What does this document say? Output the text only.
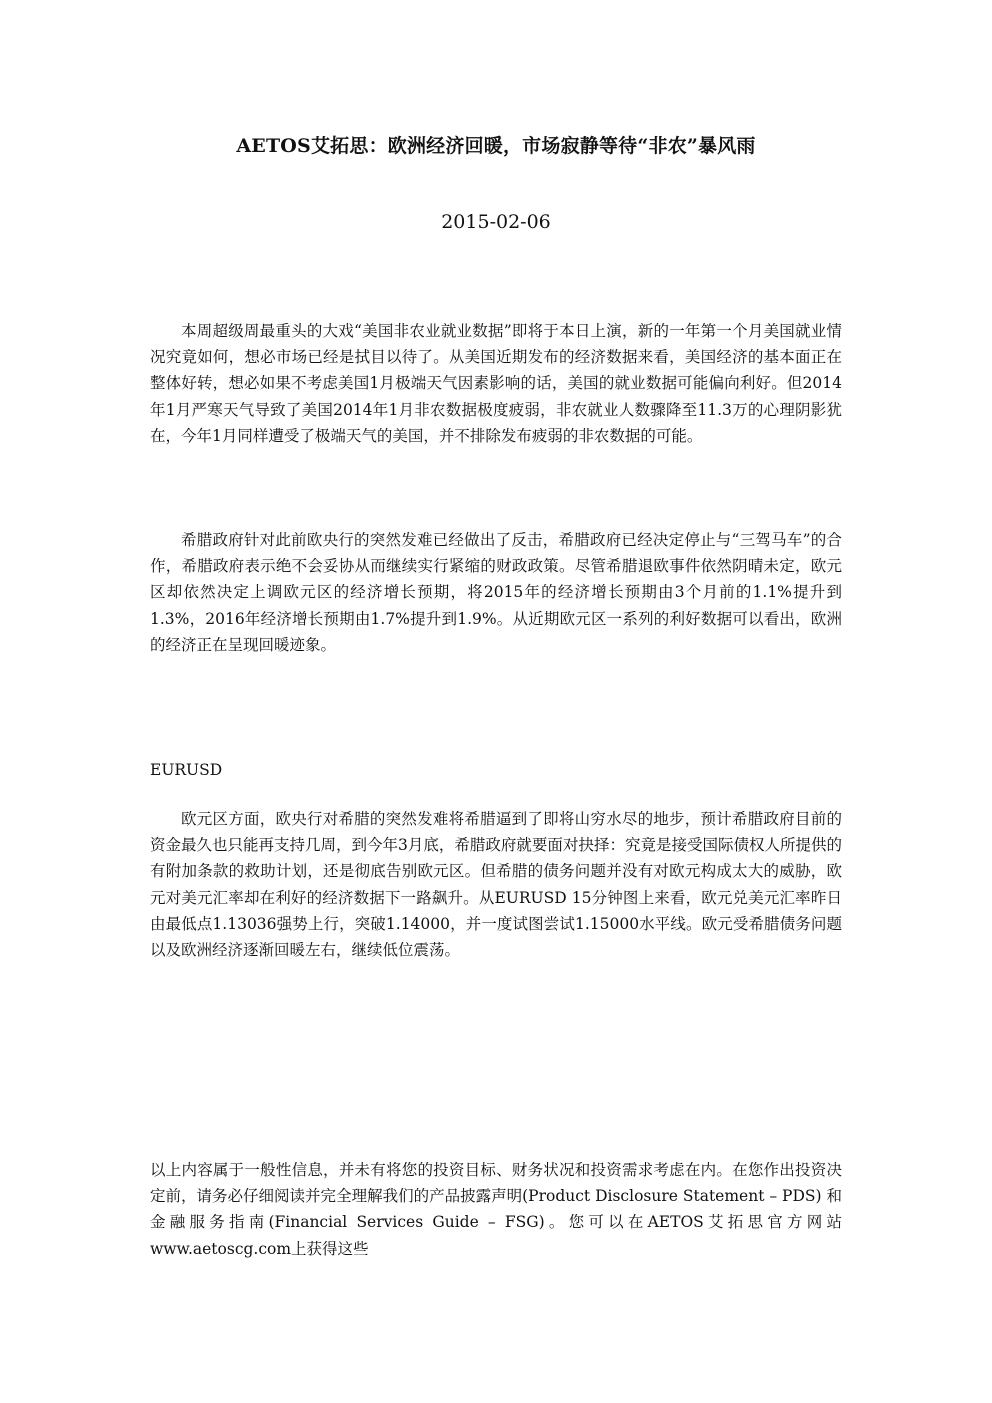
AETOS艾拓思：欧洲经济回暖，市场寂静等待“非农”暴风雨
2015-02-06

本周超级周最重头的大戏“美国非农业就业数据”即将于本日上演，新的一年第一个月美国就业情况究竟如何，想必市场已经是拭目以待了。从美国近期发布的经济数据来看，美国经济的基本面正在整体好转，想必如果不考虑美国1月极端天气因素影响的话，美国的就业数据可能偏向利好。但2014年1月严寒天气导致了美国2014年1月非农数据极度疲弱，非农就业人数骤降至11.3万的心理阴影犹在，今年1月同样遭受了极端天气的美国，并不排除发布疲弱的非农数据的可能。

希腊政府针对此前欧央行的突然发难已经做出了反击，希腊政府已经决定停止与“三驾马车”的合作，希腊政府表示绝不会妥协从而继续实行紧缩的财政政策。尽管希腊退欧事件依然阴晴未定，欧元区却依然决定上调欧元区的经济增长预期，将2015年的经济增长预期由3个月前的1.1%提升到1.3%，2016年经济增长预期由1.7%提升到1.9%。从近期欧元区一系列的利好数据可以看出，欧洲的经济正在呈现回暖迹象。

EURUSD

欧元区方面，欧央行对希腊的突然发难将希腊逼到了即将山穷水尽的地步，预计希腊政府目前的资金最久也只能再支持几周，到今年3月底，希腊政府就要面对抉择：究竟是接受国际债权人所提供的有附加条款的救助计划，还是彻底告别欧元区。但希腊的债务问题并没有对欧元构成太大的威胁，欧元对美元汇率却在利好的经济数据下一路飙升。从EURUSD 15分钟图上来看，欧元兑美元汇率昨日由最低点1.13036强势上行，突破1.14000，并一度试图尝试1.15000水平线。欧元受希腊债务问题以及欧洲经济逐渐回暖左右，继续低位震荡。

以上内容属于一般性信息，并未有将您的投资目标、财务状况和投资需求考虑在内。在您作出投资决定前，请务必仔细阅读并完全理解我们的产品披露声明(Product Disclosure Statement – PDS) 和金融服务指南(Financial Services Guide – FSG)。您可以在AETOS艾拓思官方网站www.aetoscg.com上获得这些
